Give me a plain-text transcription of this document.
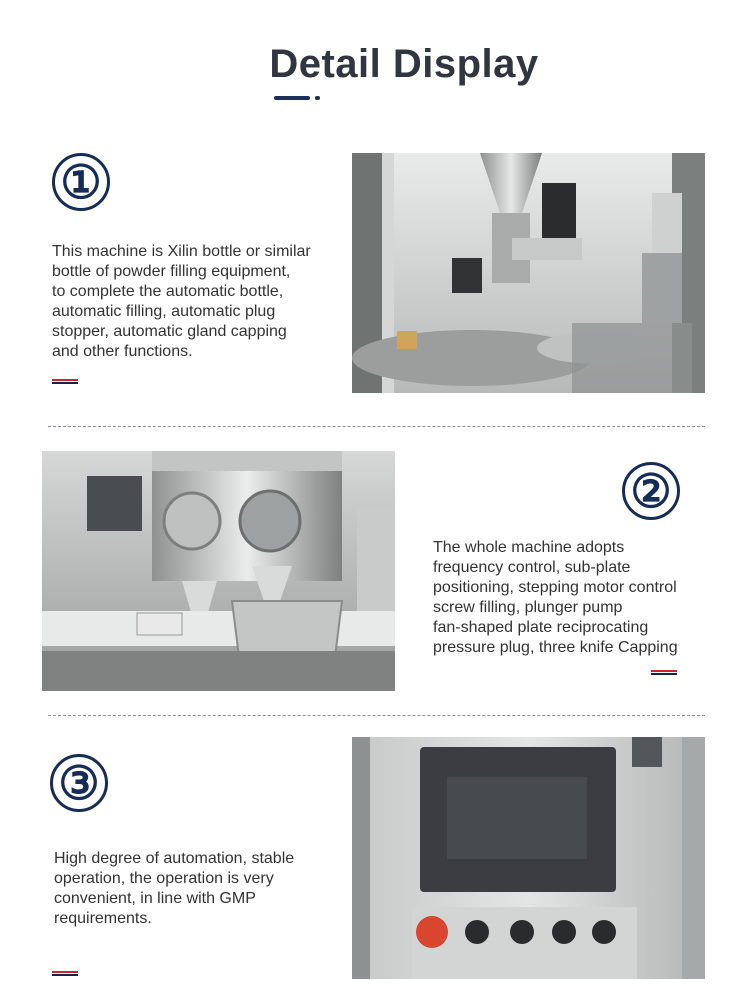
Detail Display
①
This machine is Xilin bottle or similar
bottle of powder filling equipment,
to complete the automatic bottle,
automatic filling, automatic plug
stopper, automatic gland capping
and other functions.
②
The whole machine adopts
frequency control, sub-plate
positioning, stepping motor control
screw filling, plunger pump
fan-shaped plate reciprocating
pressure plug, three knife Capping
③
High degree of automation, stable
operation, the operation is very
convenient, in line with GMP
requirements.
